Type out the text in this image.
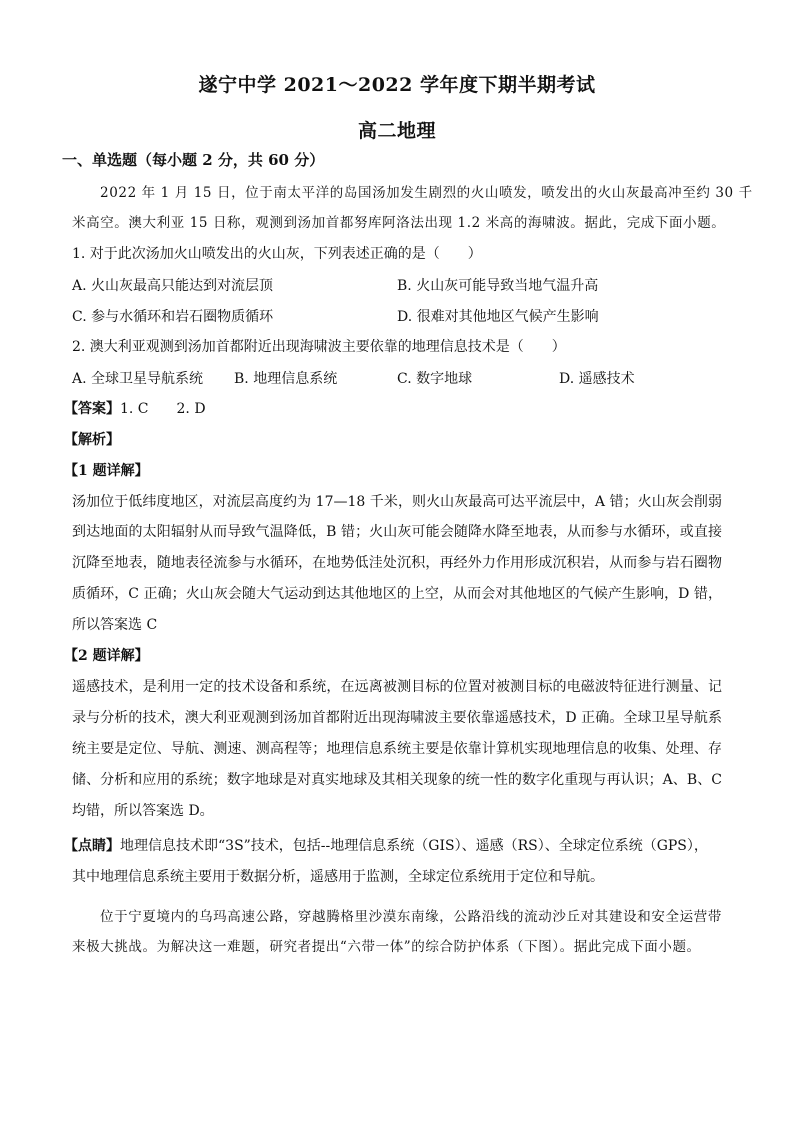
遂宁中学 2021～2022 学年度下期半期考试
高二地理
一、单选题（每小题 2 分，共 60 分）
2022 年 1 月 15 日，位于南太平洋的岛国汤加发生剧烈的火山喷发，喷发出的火山灰最高冲至约 30 千
米高空。澳大利亚 15 日称，观测到汤加首都努库阿洛法出现 1.2 米高的海啸波。据此，完成下面小题。
1. 对于此次汤加火山喷发出的火山灰，下列表述正确的是（　　）
A. 火山灰最高只能达到对流层顶	B. 火山灰可能导致当地气温升高
C. 参与水循环和岩石圈物质循环	D. 很难对其他地区气候产生影响
2. 澳大利亚观测到汤加首都附近出现海啸波主要依靠的地理信息技术是（　　）
A. 全球卫星导航系统 B. 地理信息系统	C. 数字地球	D. 遥感技术
【答案】1. C　　2. D
【解析】
【1 题详解】
汤加位于低纬度地区，对流层高度约为 17—18 千米，则火山灰最高可达平流层中，A 错；火山灰会削弱
到达地面的太阳辐射从而导致气温降低，B 错；火山灰可能会随降水降至地表，从而参与水循环，或直接
沉降至地表，随地表径流参与水循环，在地势低洼处沉积，再经外力作用形成沉积岩，从而参与岩石圈物
质循环，C 正确；火山灰会随大气运动到达其他地区的上空，从而会对其他地区的气候产生影响，D 错，
所以答案选 C
【2 题详解】
遥感技术，是利用一定的技术设备和系统，在远离被测目标的位置对被测目标的电磁波特征进行测量、记
录与分析的技术，澳大利亚观测到汤加首都附近出现海啸波主要依靠遥感技术，D 正确。全球卫星导航系
统主要是定位、导航、测速、测高程等；地理信息系统主要是依靠计算机实现地理信息的收集、处理、存
储、分析和应用的系统；数字地球是对真实地球及其相关现象的统一性的数字化重现与再认识；A、B、C
均错，所以答案选 D。
【点睛】地理信息技术即“3S”技术，包括--地理信息系统（GIS）、遥感（RS）、全球定位系统（GPS），
其中地理信息系统主要用于数据分析，遥感用于监测，全球定位系统用于定位和导航。
位于宁夏境内的乌玛高速公路，穿越腾格里沙漠东南缘，公路沿线的流动沙丘对其建设和安全运营带
来极大挑战。为解决这一难题，研究者提出“六带一体”的综合防护体系（下图）。据此完成下面小题。
